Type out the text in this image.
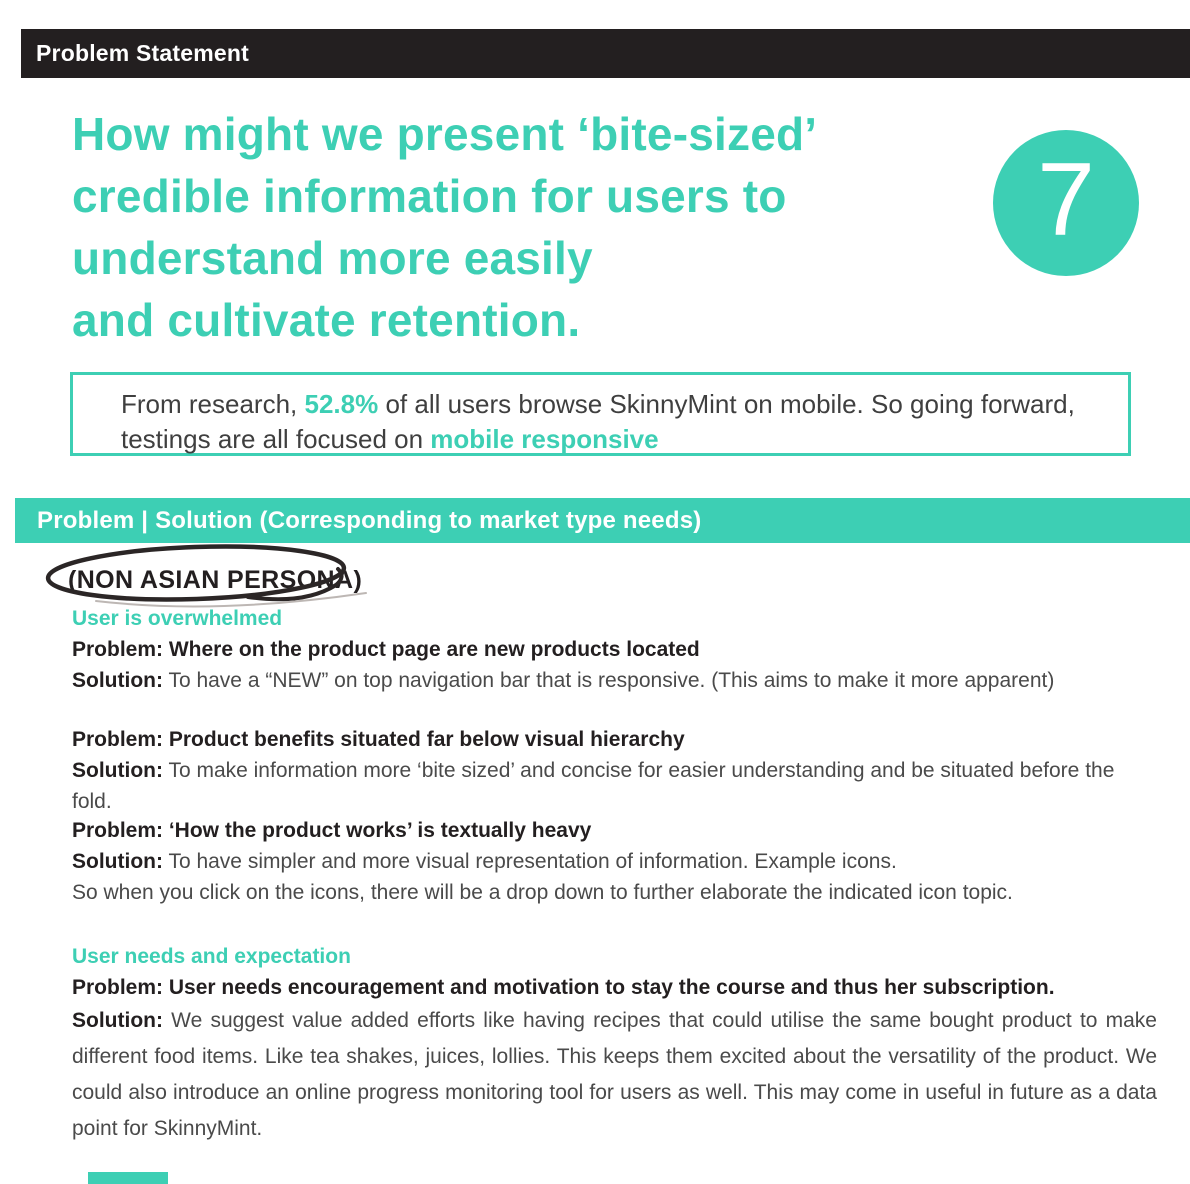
Problem Statement
How might we present ‘bite-sized’
credible information for users to
understand more easily
and cultivate retention.
7
From research, 52.8% of all users browse SkinnyMint on mobile. So going forward,
testings are all focused on mobile responsive
Problem | Solution (Corresponding to market type needs)
(NON ASIAN PERSONA)
User is overwhelmed
Problem: Where on the product page are new products located
Solution: To have a “NEW” on top navigation bar that is responsive. (This aims to make it more apparent)
Problem: Product benefits situated far below visual hierarchy
Solution: To make information more ‘bite sized’ and concise for easier understanding and be situated before the fold.
Problem: ‘How the product works’ is textually heavy
Solution: To have simpler and more visual representation of information. Example icons.
So when you click on the icons, there will be a drop down to further elaborate the indicated icon topic.
User needs and expectation
Problem: User needs encouragement and motivation to stay the course and thus her subscription.
Solution: We suggest value added efforts like having recipes that could utilise the same bought product to make different food items. Like tea shakes, juices, lollies. This keeps them excited about the versatility of the product. We could also introduce an online progress monitoring tool for users as well. This may come in useful in future as a data point for SkinnyMint.
